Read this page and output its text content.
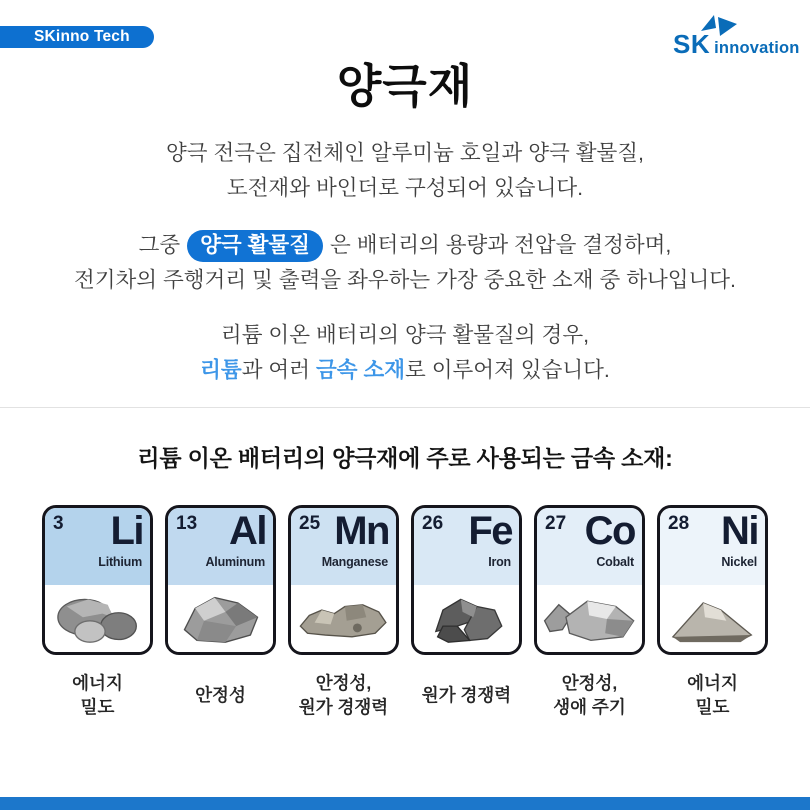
SKinno Tech	SK innovation
양극재
양극 전극은 집전체인 알루미늄 호일과 양극 활물질,
도전재와 바인더로 구성되어 있습니다.
그중 양극 활물질 은 배터리의 용량과 전압을 결정하며,
전기차의 주행거리 및 출력을 좌우하는 가장 중요한 소재 중 하나입니다.
리튬 이온 배터리의 양극 활물질의 경우,
리튬과 여러 금속 소재로 이루어져 있습니다.
리튬 이온 배터리의 양극재에 주로 사용되는 금속 소재:
3 Li
Lithium
에너지
밀도
13 Al
Aluminum
안정성
25 Mn
Manganese
안정성,
원가 경쟁력
26 Fe
Iron
원가 경쟁력
27 Co
Cobalt
안정성,
생애 주기
28 Ni
Nickel
에너지
밀도
